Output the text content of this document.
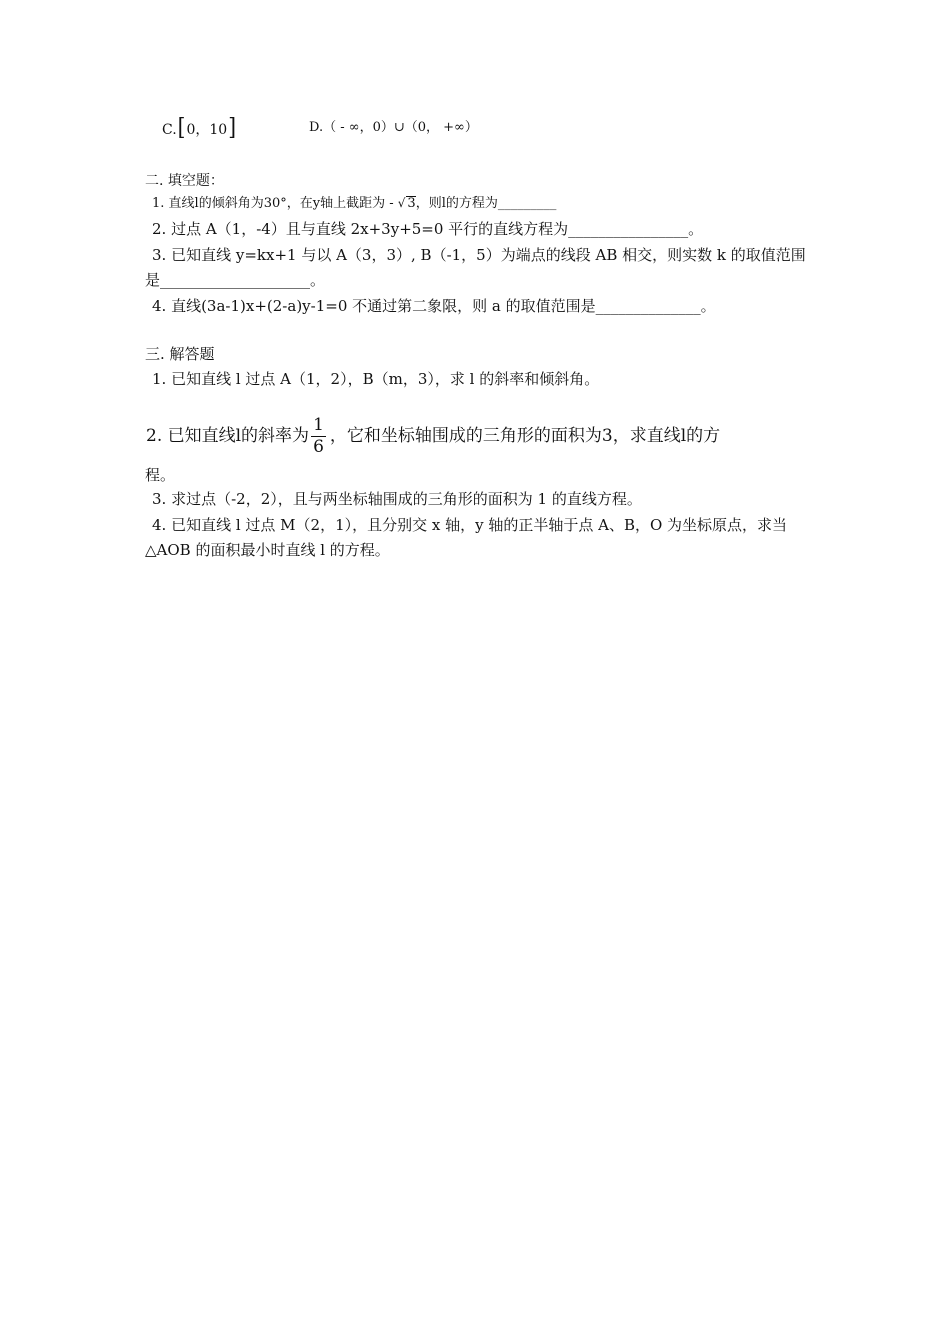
C.[0，10]	D.（ - ∞，0）∪（0， +∞）
二. 填空题：
1. 直线l的倾斜角为30°，在y轴上截距为 - √ 3，则l的方程为_________
2. 过点 A（1，-4）且与直线 2x+3y+5=0 平行的直线方程为________________。
3. 已知直线 y=kx+1 与以 A（3，3）, B（-1，5）为端点的线段 AB 相交，则实数 k 的取值范围
是____________________。
4. 直线(3a-1)x+(2-a)y-1=0 不通过第二象限，则 a 的取值范围是______________。
三. 解答题
1. 已知直线 l 过点 A（1，2），B（m，3），求 l 的斜率和倾斜角。
2. 已知直线l的斜率为 $\frac{1}{6}$ ，它和坐标轴围成的三角形的面积为3，求直线l的方
程。
3. 求过点（-2，2），且与两坐标轴围成的三角形的面积为 1 的直线方程。
4. 已知直线 l 过点 M（2，1），且分别交 x 轴，y 轴的正半轴于点 A、B，O 为坐标原点，求当
△AOB 的面积最小时直线 l 的方程。
